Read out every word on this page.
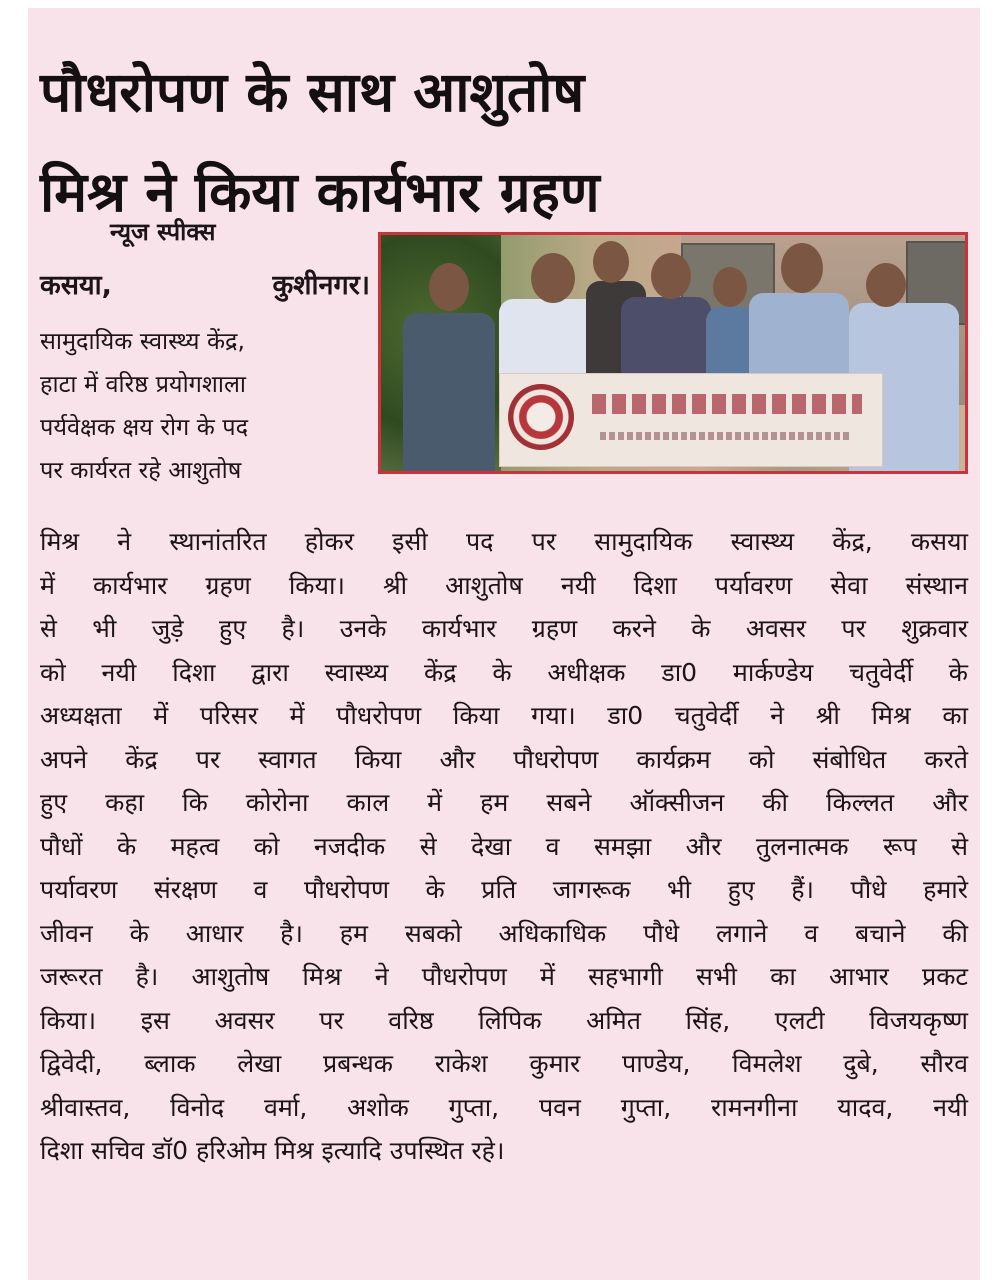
पौधरोपण के साथ आशुतोष
मिश्र ने किया कार्यभार ग्रहण

न्यूज स्पीक्स

कसया,	कुशीनगर।

सामुदायिक स्वास्थ्य केंद्र,

हाटा में वरिष्ठ प्रयोगशाला

पर्यवेक्षक क्षय रोग के पद

पर कार्यरत रहे आशुतोष

मिश्र ने स्थानांतरित होकर इसी पद पर सामुदायिक स्वास्थ्य केंद्र, कसया

में कार्यभार ग्रहण किया। श्री आशुतोष नयी दिशा पर्यावरण सेवा संस्थान

से भी जुड़े हुए है। उनके कार्यभार ग्रहण करने के अवसर पर शुक्रवार

को नयी दिशा द्वारा स्वास्थ्य केंद्र के अधीक्षक डा0 मार्कण्डेय चतुवेर्दी के

अध्यक्षता में परिसर में पौधरोपण किया गया। डा0 चतुवेर्दी ने श्री मिश्र का

अपने केंद्र पर स्वागत किया और पौधरोपण कार्यक्रम को संबोधित करते

हुए कहा कि कोरोना काल में हम सबने ऑक्सीजन की किल्लत और

पौधों के महत्व को नजदीक से देखा व समझा और तुलनात्मक रूप से

पर्यावरण संरक्षण व पौधरोपण के प्रति जागरूक भी हुए हैं। पौधे हमारे

जीवन के आधार है। हम सबको अधिकाधिक पौधे लगाने व बचाने की

जरूरत है। आशुतोष मिश्र ने पौधरोपण में सहभागी सभी का आभार प्रकट

किया। इस अवसर पर वरिष्ठ लिपिक अमित सिंह, एलटी विजयकृष्ण

द्विवेदी, ब्लाक लेखा प्रबन्धक राकेश कुमार पाण्डेय, विमलेश दुबे, सौरव

श्रीवास्तव, विनोद वर्मा, अशोक गुप्ता, पवन गुप्ता, रामनगीना यादव, नयी

दिशा सचिव डॉ0 हरिओम मिश्र इत्यादि उपस्थित रहे।
